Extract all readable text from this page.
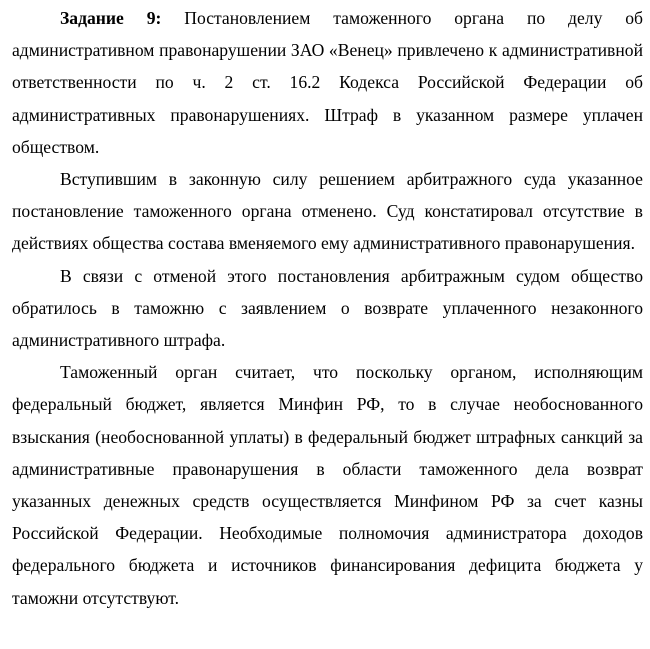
Задание 9: Постановлением таможенного органа по делу об административном правонарушении ЗАО «Венец» привлечено к административной ответственности по ч. 2 ст. 16.2 Кодекса Российской Федерации об административных правонарушениях. Штраф в указанном размере уплачен обществом.

Вступившим в законную силу решением арбитражного суда указанное постановление таможенного органа отменено. Суд констатировал отсутствие в действиях общества состава вменяемого ему административного правонарушения.

В связи с отменой этого постановления арбитражным судом общество обратилось в таможню с заявлением о возврате уплаченного незаконного административного штрафа.

Таможенный орган считает, что поскольку органом, исполняющим федеральный бюджет, является Минфин РФ, то в случае необоснованного взыскания (необоснованной уплаты) в федеральный бюджет штрафных санкций за административные правонарушения в области таможенного дела возврат указанных денежных средств осуществляется Минфином РФ за счет казны Российской Федерации. Необходимые полномочия администратора доходов федерального бюджета и источников финансирования дефицита бюджета у таможни отсутствуют.
